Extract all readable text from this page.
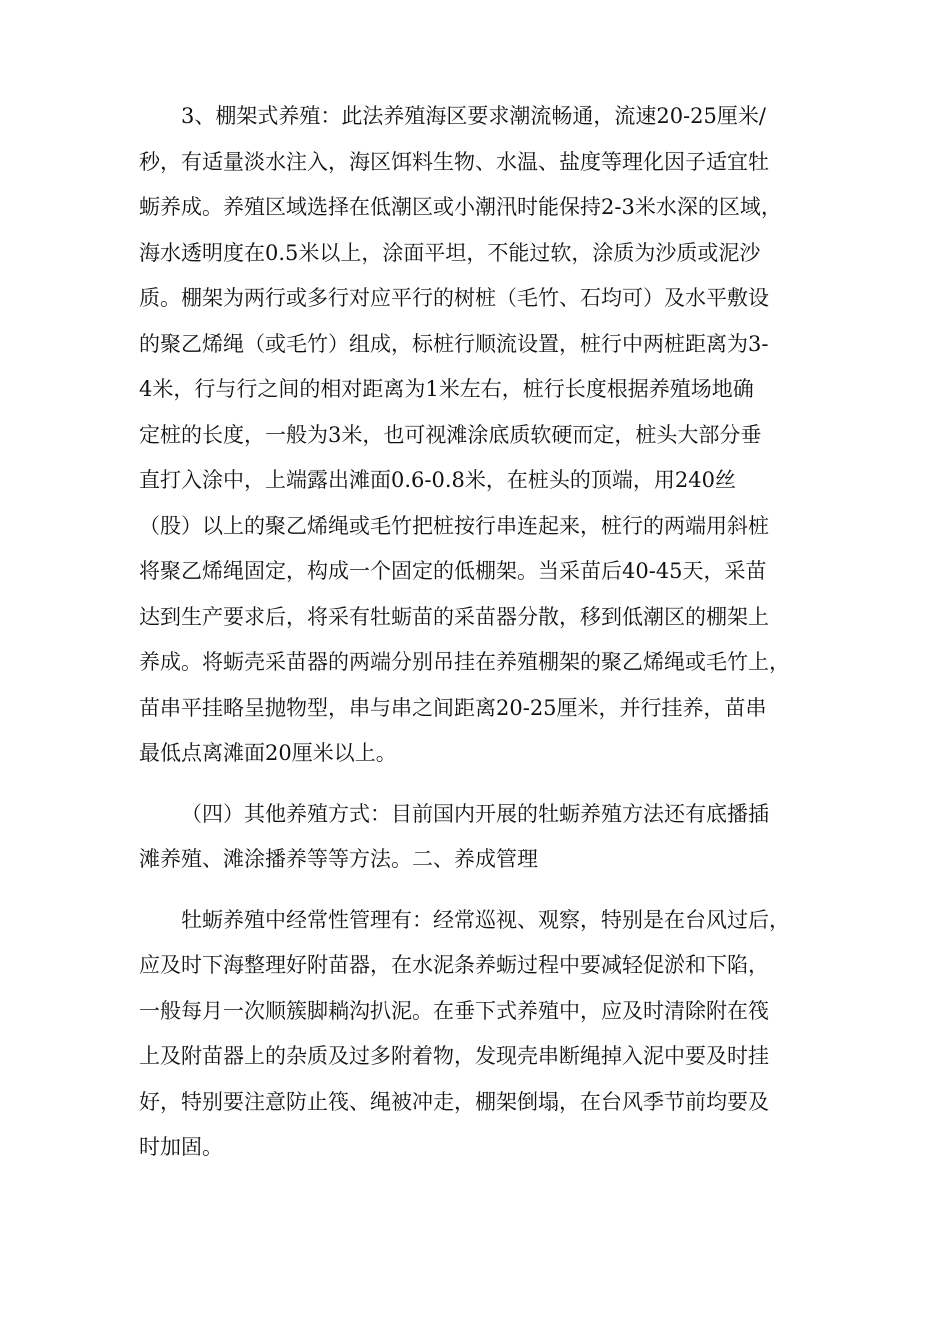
3、棚架式养殖：此法养殖海区要求潮流畅通，流速20-25厘米/
秒，有适量淡水注入，海区饵料生物、水温、盐度等理化因子适宜牡
蛎养成。养殖区域选择在低潮区或小潮汛时能保持2-3米水深的区域，
海水透明度在0.5米以上，涂面平坦，不能过软，涂质为沙质或泥沙
质。棚架为两行或多行对应平行的树桩（毛竹、石均可）及水平敷设
的聚乙烯绳（或毛竹）组成，标桩行顺流设置，桩行中两桩距离为3-
4米，行与行之间的相对距离为1米左右，桩行长度根据养殖场地确
定桩的长度，一般为3米，也可视滩涂底质软硬而定，桩头大部分垂
直打入涂中，上端露出滩面0.6-0.8米，在桩头的顶端，用240丝
（股）以上的聚乙烯绳或毛竹把桩按行串连起来，桩行的两端用斜桩
将聚乙烯绳固定，构成一个固定的低棚架。当采苗后40-45天，采苗
达到生产要求后，将采有牡蛎苗的采苗器分散，移到低潮区的棚架上
养成。将蛎壳采苗器的两端分别吊挂在养殖棚架的聚乙烯绳或毛竹上，
苗串平挂略呈抛物型，串与串之间距离20-25厘米，并行挂养，苗串
最低点离滩面20厘米以上。
（四）其他养殖方式：目前国内开展的牡蛎养殖方法还有底播插
滩养殖、滩涂播养等等方法。二、养成管理
牡蛎养殖中经常性管理有：经常巡视、观察，特别是在台风过后，
应及时下海整理好附苗器，在水泥条养蛎过程中要减轻促淤和下陷，
一般每月一次顺簇脚耥沟扒泥。在垂下式养殖中，应及时清除附在筏
上及附苗器上的杂质及过多附着物，发现壳串断绳掉入泥中要及时挂
好，特别要注意防止筏、绳被冲走，棚架倒塌，在台风季节前均要及
时加固。
